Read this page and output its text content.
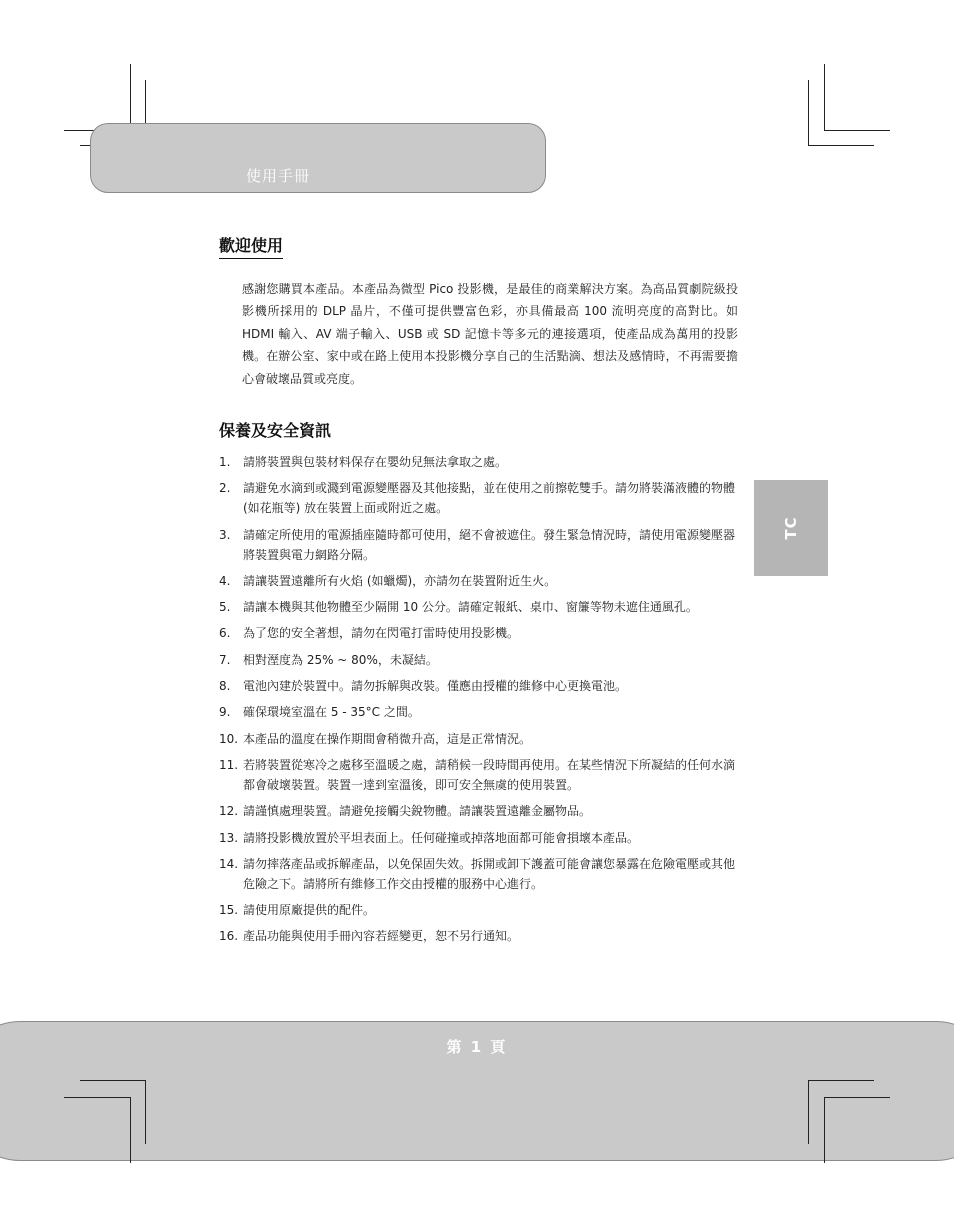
使用手冊
TC
歡迎使用
感謝您購買本產品。本產品為微型 Pico 投影機，是最佳的商業解決方案。為高品質劇院級投影機所採用的 DLP 晶片，不僅可提供豐富色彩，亦具備最高 100 流明亮度的高對比。如 HDMI 輸入、AV 端子輸入、USB 或 SD 記憶卡等多元的連接選項，使產品成為萬用的投影機。在辦公室、家中或在路上使用本投影機分享自己的生活點滴、想法及感情時，不再需要擔心會破壞品質或亮度。
保養及安全資訊
1. 請將裝置與包裝材料保存在嬰幼兒無法拿取之處。
2. 請避免水滴到或濺到電源變壓器及其他接點，並在使用之前擦乾雙手。請勿將裝滿液體的物體 (如花瓶等) 放在裝置上面或附近之處。
3. 請確定所使用的電源插座隨時都可使用，絕不會被遮住。發生緊急情況時，請使用電源變壓器將裝置與電力網路分隔。
4. 請讓裝置遠離所有火焰 (如蠟燭)，亦請勿在裝置附近生火。
5. 請讓本機與其他物體至少隔開 10 公分。請確定報紙、桌巾、窗簾等物未遮住通風孔。
6. 為了您的安全著想，請勿在閃電打雷時使用投影機。
7. 相對溼度為 25% ~ 80%，未凝結。
8. 電池內建於裝置中。請勿拆解與改裝。僅應由授權的維修中心更換電池。
9. 確保環境室溫在 5 - 35°C 之間。
10. 本產品的溫度在操作期間會稍微升高，這是正常情況。
11. 若將裝置從寒冷之處移至溫暖之處，請稍候一段時間再使用。在某些情況下所凝結的任何水滴都會破壞裝置。裝置一達到室溫後，即可安全無虞的使用裝置。
12. 請謹慎處理裝置。請避免接觸尖銳物體。請讓裝置遠離金屬物品。
13. 請將投影機放置於平坦表面上。任何碰撞或掉落地面都可能會損壞本產品。
14. 請勿摔落產品或拆解產品，以免保固失效。拆開或卸下護蓋可能會讓您暴露在危險電壓或其他危險之下。請將所有維修工作交由授權的服務中心進行。
15. 請使用原廠提供的配件。
16. 產品功能與使用手冊內容若經變更，恕不另行通知。
第 1 頁
